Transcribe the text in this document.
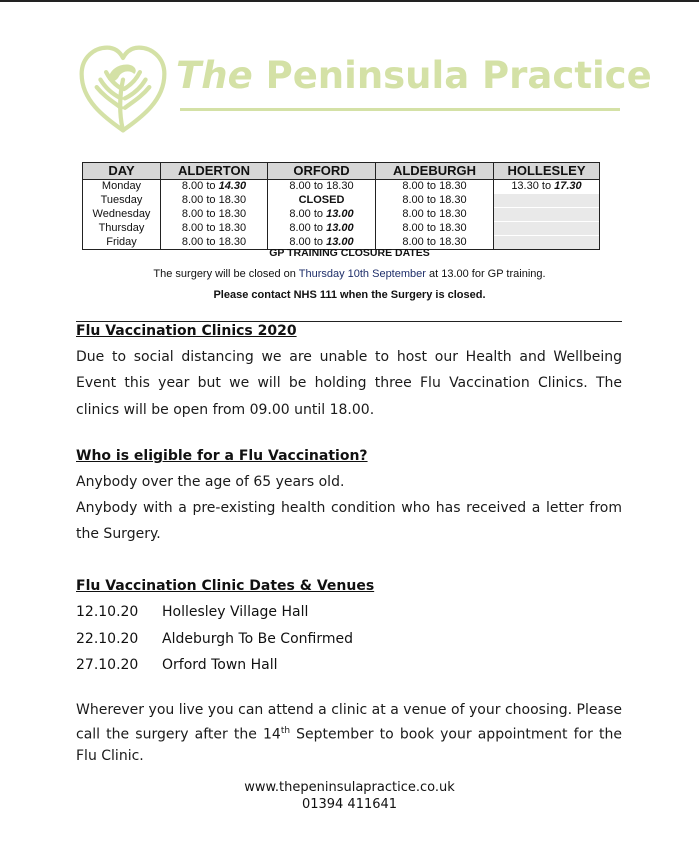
The Peninsula Practice
DAY	ALDERTON	ORFORD	ALDEBURGH	HOLLESLEY
Monday	8.00 to 14.30	8.00 to 18.30	8.00 to 18.30	13.30 to 17.30
Tuesday	8.00 to 18.30	CLOSED	8.00 to 18.30	
Wednesday	8.00 to 18.30	8.00 to 13.00	8.00 to 18.30	
Thursday	8.00 to 18.30	8.00 to 13.00	8.00 to 18.30	
Friday	8.00 to 18.30	8.00 to 13.00	8.00 to 18.30	
GP TRAINING CLOSURE DATES
The surgery will be closed on Thursday 10th September at 13.00 for GP training.
Please contact NHS 111 when the Surgery is closed.
Flu Vaccination Clinics 2020
Due to social distancing we are unable to host our Health and Wellbeing Event this year but we will be holding three Flu Vaccination Clinics. The clinics will be open from 09.00 until 18.00.
Who is eligible for a Flu Vaccination?
Anybody over the age of 65 years old.
Anybody with a pre-existing health condition who has received a letter from the Surgery.
Flu Vaccination Clinic Dates & Venues
12.10.20 Hollesley Village Hall
22.10.20 Aldeburgh To Be Confirmed
27.10.20 Orford Town Hall
Wherever you live you can attend a clinic at a venue of your choosing. Please call the surgery after the 14th September to book your appointment for the Flu Clinic.
www.thepeninsulapractice.co.uk
01394 411641
